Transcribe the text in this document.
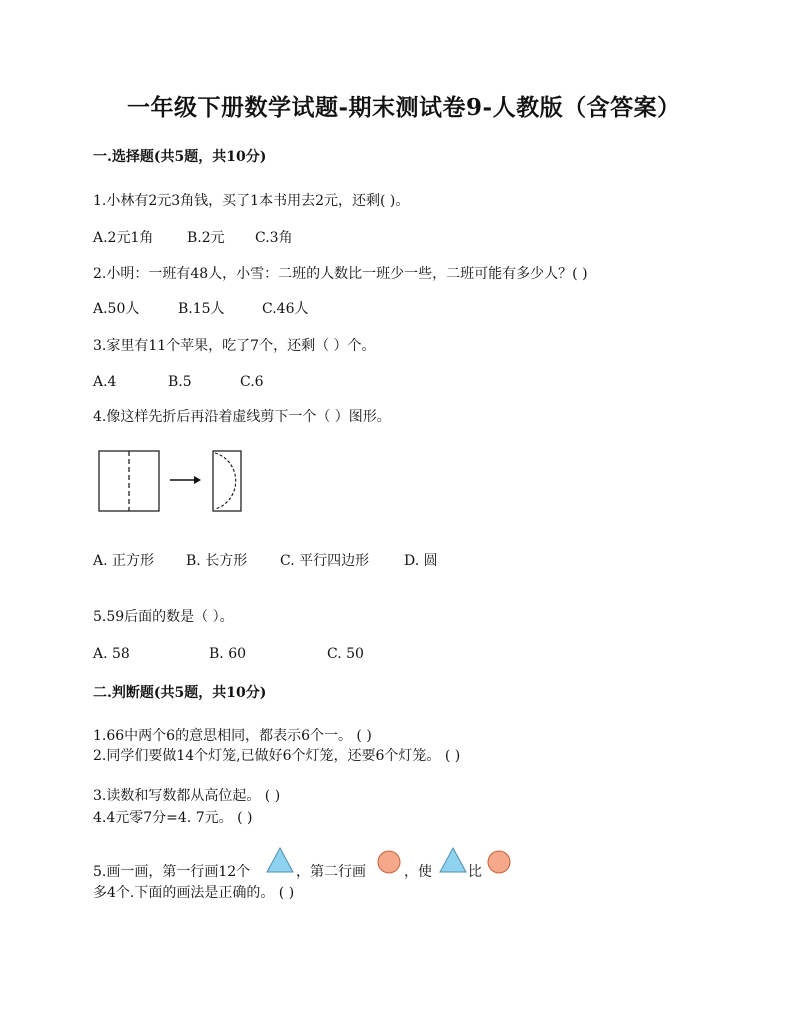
一年级下册数学试题-期末测试卷9-人教版（含答案）
一.选择题(共5题，共10分)
1.小林有2元3角钱，买了1本书用去2元，还剩( )。
A.2元1角 B.2元 C.3角
2.小明：一班有48人，小雪：二班的人数比一班少一些，二班可能有多少人？( )
A.50人	B.15人	C.46人
3.家里有11个苹果，吃了7个，还剩（ ）个。
A.4	B.5	C.6
4.像这样先折后再沿着虚线剪下一个（ ）图形。
A. 正方形 B. 长方形 C. 平行四边形 D. 圆
5.59后面的数是（ ）。
A. 58	B. 60	C. 50
二.判断题(共5题，共10分)
1.66中两个6的意思相同，都表示6个一。 ( )
2.同学们要做14个灯笼,已做好6个灯笼，还要6个灯笼。 ( )
3.读数和写数都从高位起。 ( )
4.4元零7分=4. 7元。 ( )
5.画一画，第一行画12个	，第二行画	，使	比
多4个.下面的画法是正确的。 ( )
